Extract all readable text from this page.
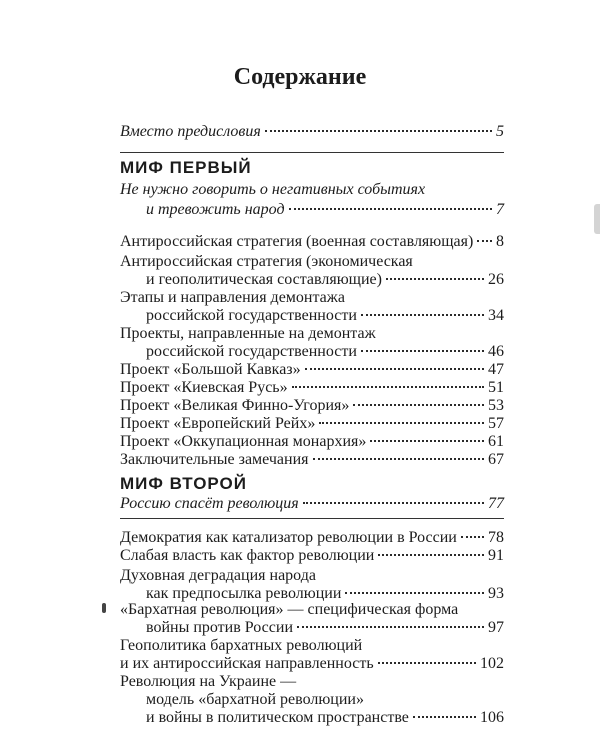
Содержание
Вместо предисловия	5
МИФ ПЕРВЫЙ
Не нужно говорить о негативных событиях
и тревожить народ	7
Антироссийская стратегия (военная составляющая) 8
Антироссийская стратегия (экономическая
и геополитическая составляющие)	26
Этапы и направления демонтажа
российской государственности	34
Проекты, направленные на демонтаж
российской государственности	46
Проект «Большой Кавказ»	47
Проект «Киевская Русь»	51
Проект «Великая Финно-Угория»	53
Проект «Европейский Рейх»	57
Проект «Оккупационная монархия»	61
Заключительные замечания	67
МИФ ВТОРОЙ
Россию спасёт революция	77
Демократия как катализатор революции в России 78
Слабая власть как фактор революции	91
Духовная деградация народа
как предпосылка революции	93
«Бархатная революция» — специфическая форма
войны против России	97
Геополитика бархатных революций
и их антироссийская направленность	102
Революция на Украине —
модель «бархатной революции»
и войны в политическом пространстве	106
